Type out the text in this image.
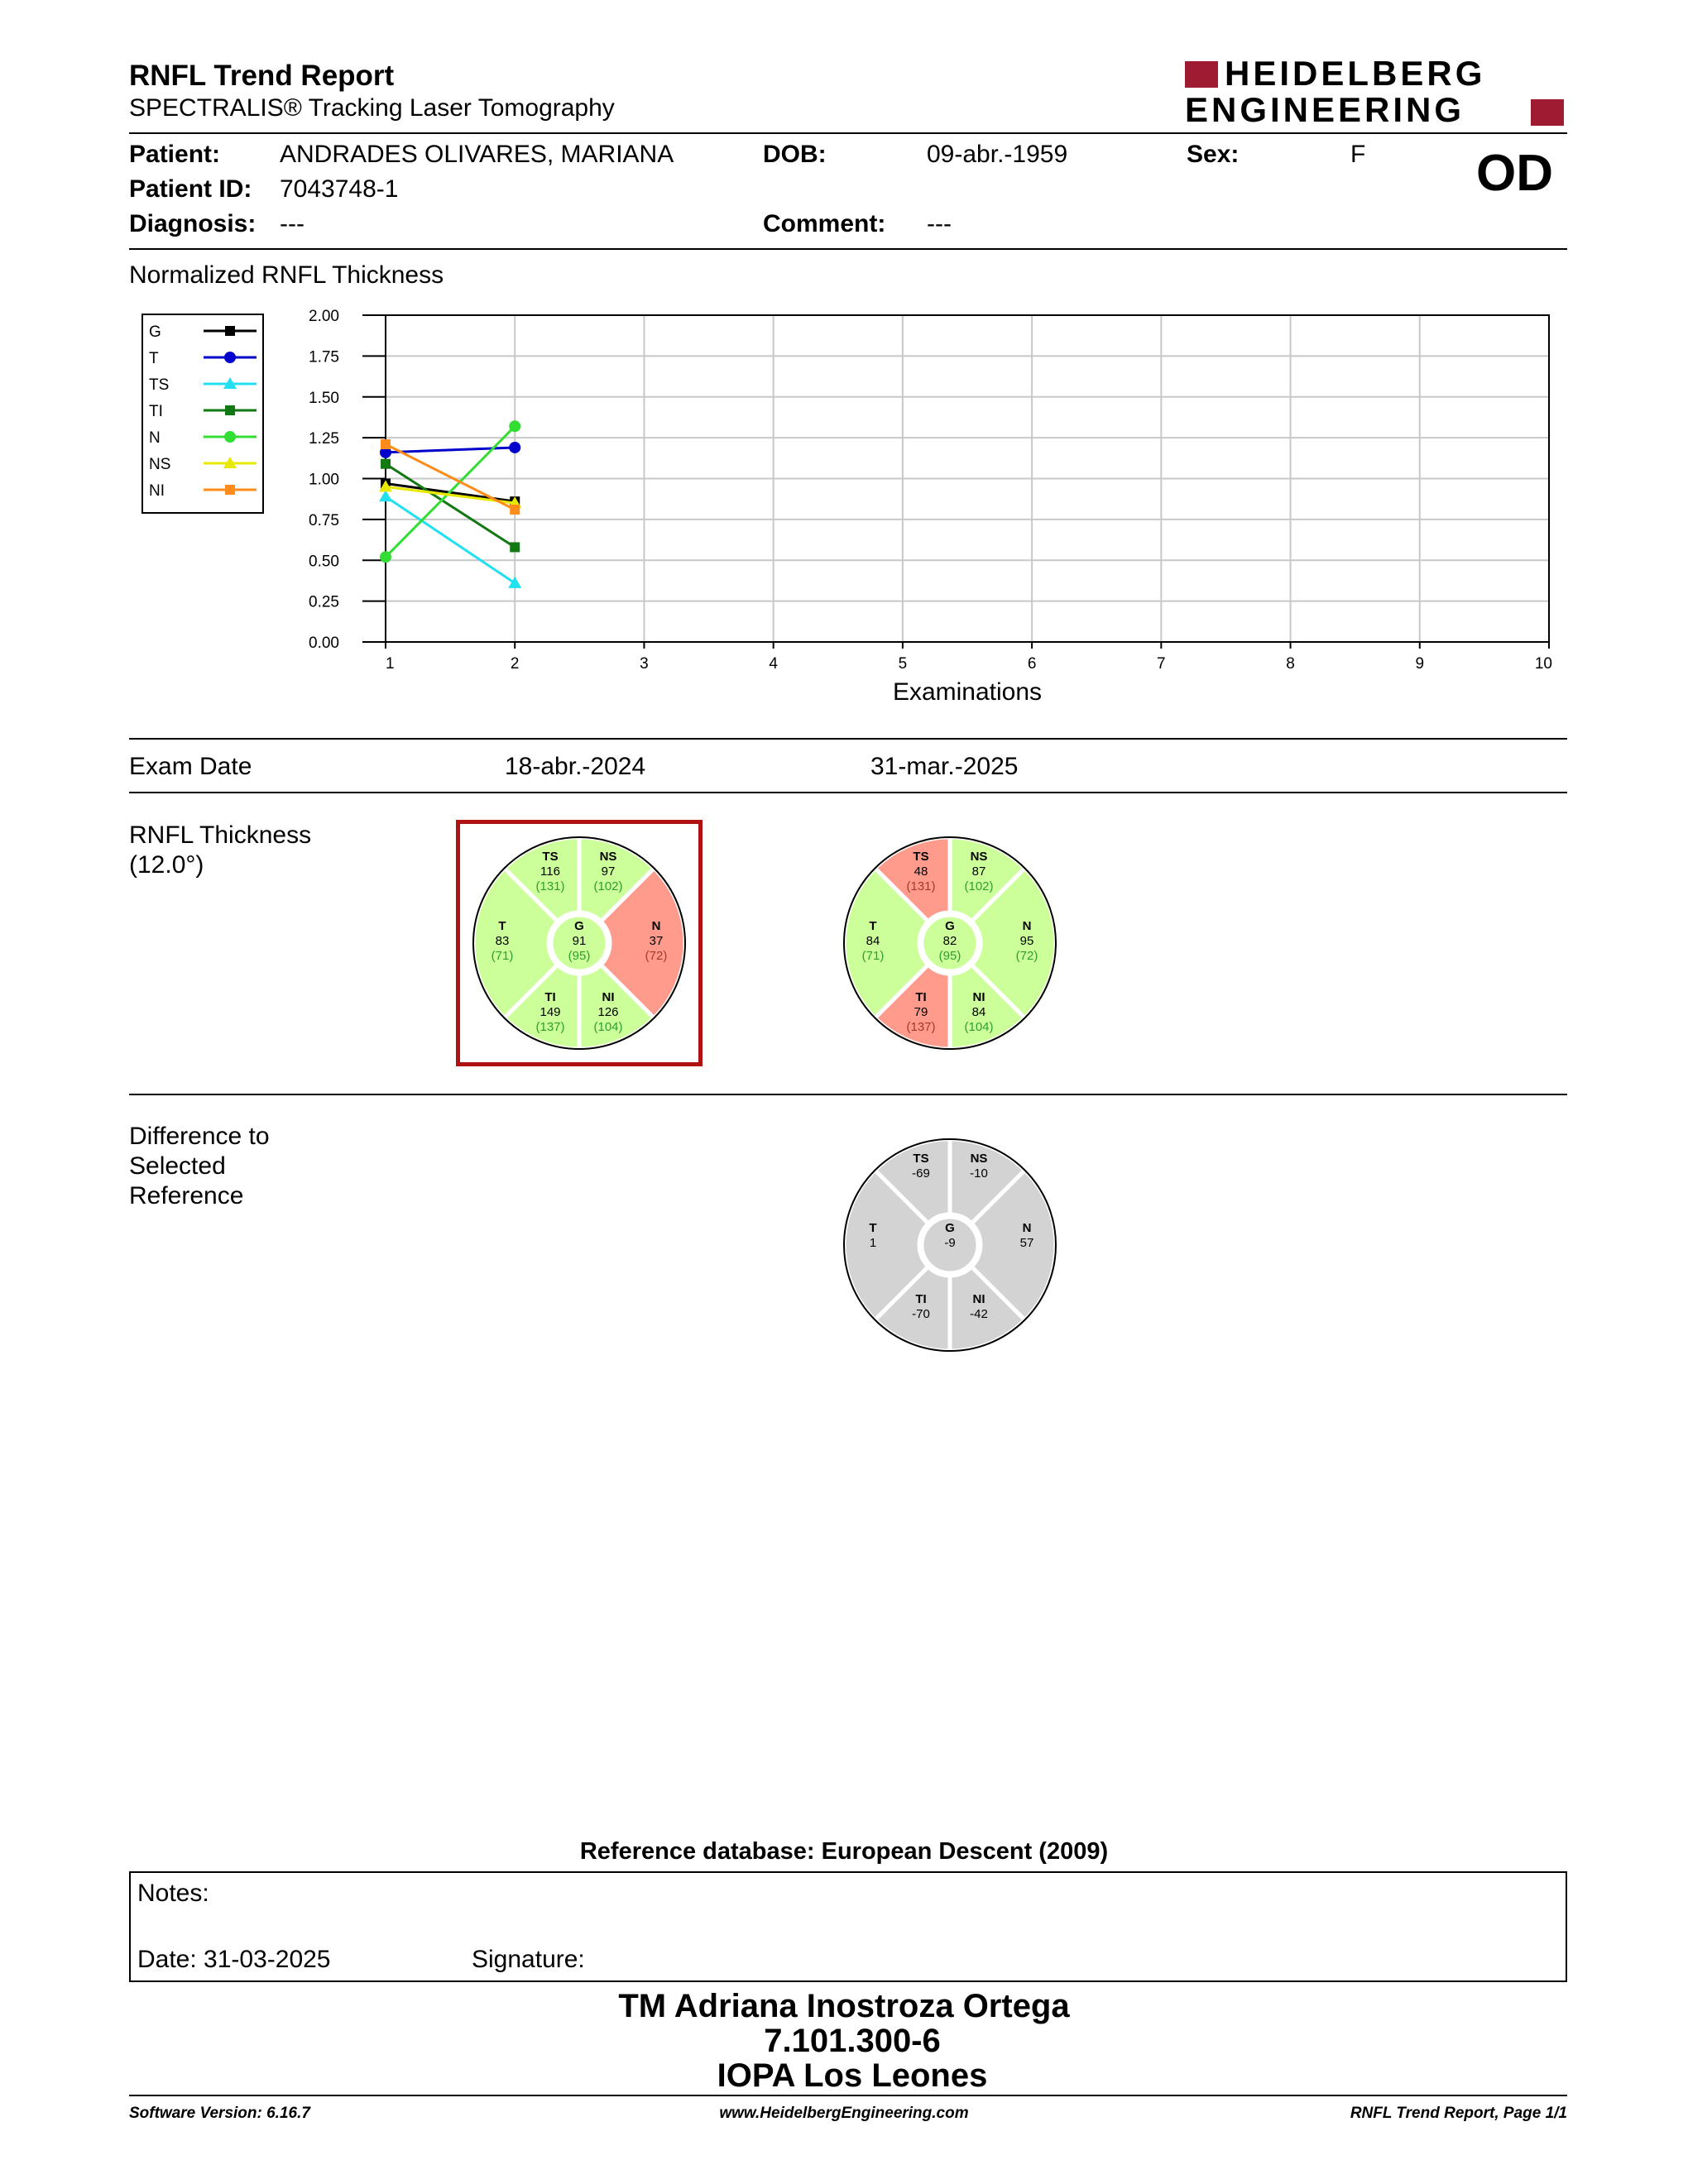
RNFL Trend Report
SPECTRALIS® Tracking Laser Tomography
HEIDELBERG
ENGINEERING
Patient: ANDRADES OLIVARES, MARIANA	DOB:	09-abr.-1959	Sex:	F OD
Patient ID: 7043748-1
Diagnosis: ---	Comment: ---
Normalized RNFL Thickness
1	2	3	4	5	6	7	8	9	10
0.00
0.25
0.50
0.75
1.00
1.25
1.50
1.75
2.00
Examinations
G
T
TS
TI
N
NS
NI
Exam Date	18-abr.-2024	31-mar.-2025
RNFL Thickness
(12.0°)	TS
116
(131)
NS
97
(102)
T
83
(71)
N
37
(72)
G
91
(95)
TI
149
(137)
NI
126
(104)
TS
48
(131)
NS
87
(102)
T
84
(71)
N
95
(72)
G
82
(95)
TI
79
(137)
NI
84
(104)
Difference to
Selected
Reference
TS
-69
NS
-10
T
1
N
57
G
-9
TI
-70
NI
-42
Reference database: European Descent (2009)
Notes:
Date: 31-03-2025	Signature:
TM Adriana Inostroza Ortega
7.101.300-6
IOPA Los Leones
Software Version: 6.16.7	www.HeidelbergEngineering.com	RNFL Trend Report, Page 1/1
